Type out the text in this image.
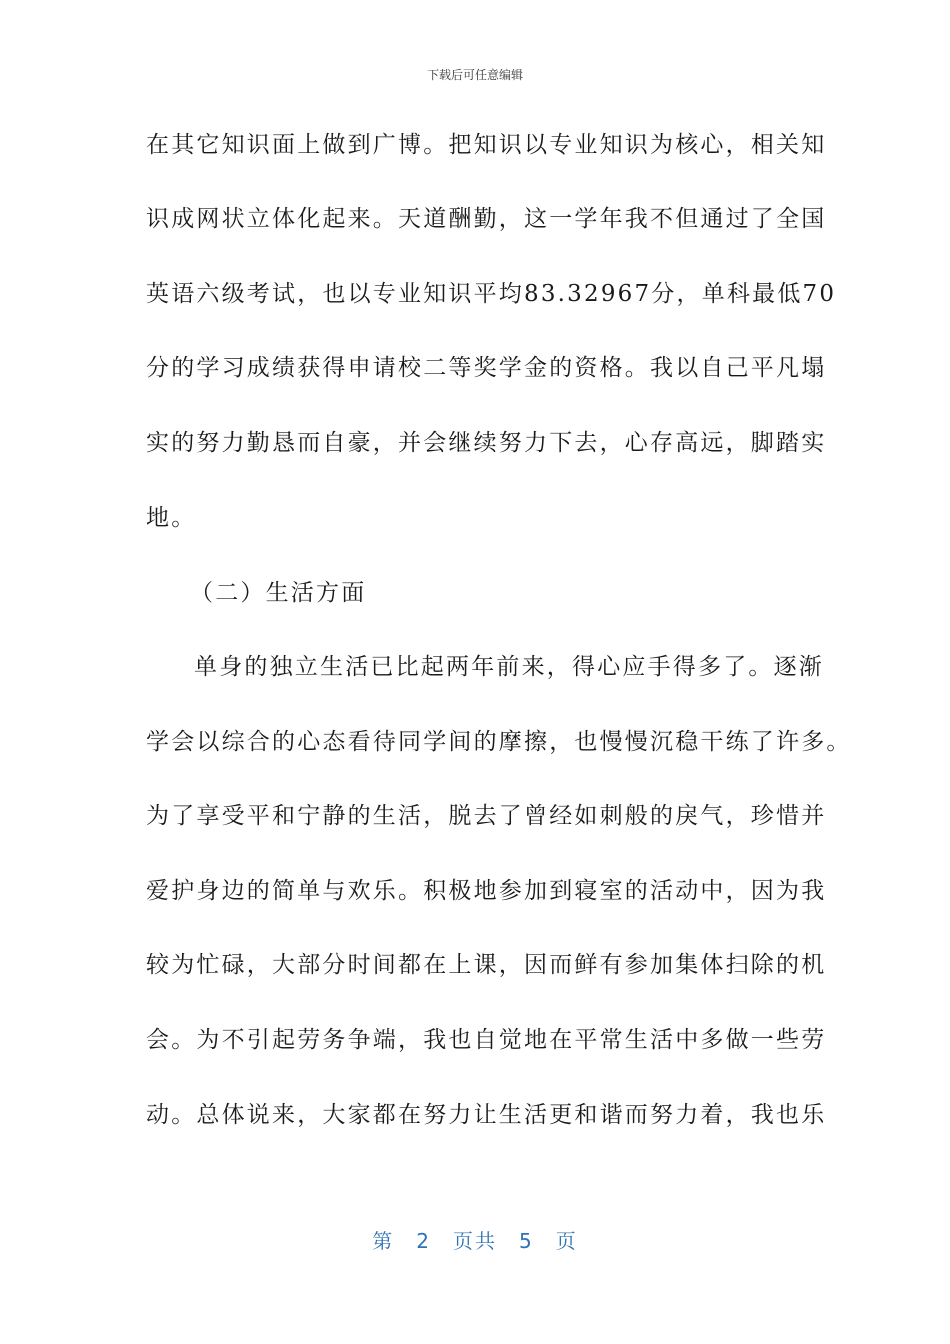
下载后可任意编辑
在其它知识面上做到广博。把知识以专业知识为核心，相关知
识成网状立体化起来。天道酬勤，这一学年我不但通过了全国
英语六级考试，也以专业知识平均83.32967分，单科最低70
分的学习成绩获得申请校二等奖学金的资格。我以自己平凡塌
实的努力勤恳而自豪，并会继续努力下去，心存高远，脚踏实
地。
（二）生活方面
单身的独立生活已比起两年前来，得心应手得多了。逐渐
学会以综合的心态看待同学间的摩擦，也慢慢沉稳干练了许多。
为了享受平和宁静的生活，脱去了曾经如刺般的戾气，珍惜并
爱护身边的简单与欢乐。积极地参加到寝室的活动中，因为我
较为忙碌，大部分时间都在上课，因而鲜有参加集体扫除的机
会。为不引起劳务争端，我也自觉地在平常生活中多做一些劳
动。总体说来，大家都在努力让生活更和谐而努力着，我也乐
第 2 页共 5 页
